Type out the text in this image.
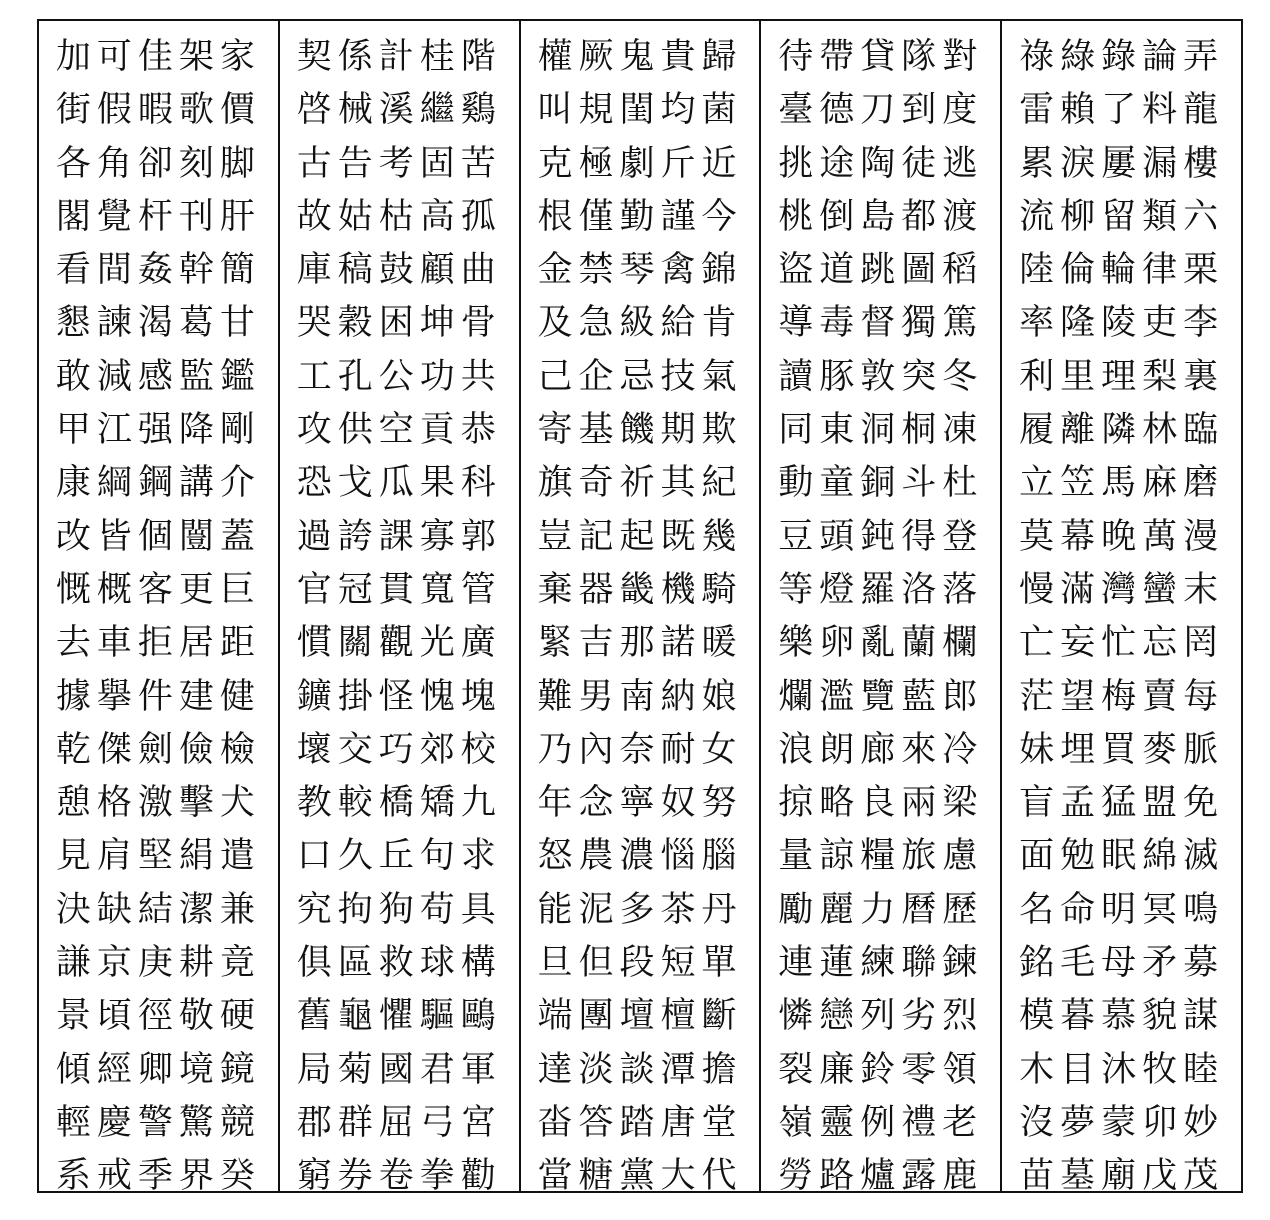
加可佳架家
街假暇歌價
各角卻刻脚
閣覺杆刊肝
看間姦幹簡
懇諫渴葛甘
敢減感監鑑
甲江强降剛
康綱鋼講介
改皆個闓蓋
慨概客更巨
去車拒居距
據擧件建健
乾傑劍儉檢
憩格激擊犬
見肩堅絹遣
決缺結潔兼
謙京庚耕竟
景頃徑敬硬
傾經卿境鏡
輕慶警驚競
系戒季界癸
契係計桂階
啓械溪繼鷄
古告考固苦
故姑枯高孤
庫稿鼓顧曲
哭穀困坤骨
工孔公功共
攻供空貢恭
恐戈瓜果科
過誇課寡郭
官冠貫寬管
慣關觀光廣
鑛掛怪愧塊
壞交巧郊校
教較橋矯九
口久丘句求
究拘狗苟具
俱區救球構
舊龜懼驅鷗
局菊國君軍
郡群屈弓宮
窮券卷拳勸
權厥鬼貴歸
叫規閨均菌
克極劇斤近
根僅勤謹今
金禁琴禽錦
及急級給肯
己企忌技氣
寄基饑期欺
旗奇祈其紀
豈記起既幾
棄器畿機騎
緊吉那諾暖
難男南納娘
乃內奈耐女
年念寧奴努
怒農濃惱腦
能泥多茶丹
旦但段短單
端團壇檀斷
達淡談潭擔
畓答踏唐堂
當糖黨大代
待帶貸隊對
臺德刀到度
挑途陶徒逃
桃倒島都渡
盜道跳圖稻
導毒督獨篤
讀豚敦突冬
同東洞桐凍
動童銅斗杜
豆頭鈍得登
等燈羅洛落
樂卵亂蘭欄
爛濫覽藍郎
浪朗廊來冷
掠略良兩梁
量諒糧旅慮
勵麗力曆歷
連蓮練聯鍊
憐戀列劣烈
裂廉鈴零領
嶺靈例禮老
勞路爐露鹿
祿綠錄論弄
雷賴了料龍
累淚屢漏樓
流柳留類六
陸倫輪律栗
率隆陵吏李
利里理梨裏
履離隣林臨
立笠馬麻磨
莫幕晚萬漫
慢滿灣蠻末
亡妄忙忘罔
茫望梅賣每
妹埋買麥脈
盲孟猛盟免
面勉眠綿滅
名命明冥鳴
銘毛母矛募
模暮慕貌謀
木目沐牧睦
沒夢蒙卯妙
苗墓廟戊茂
